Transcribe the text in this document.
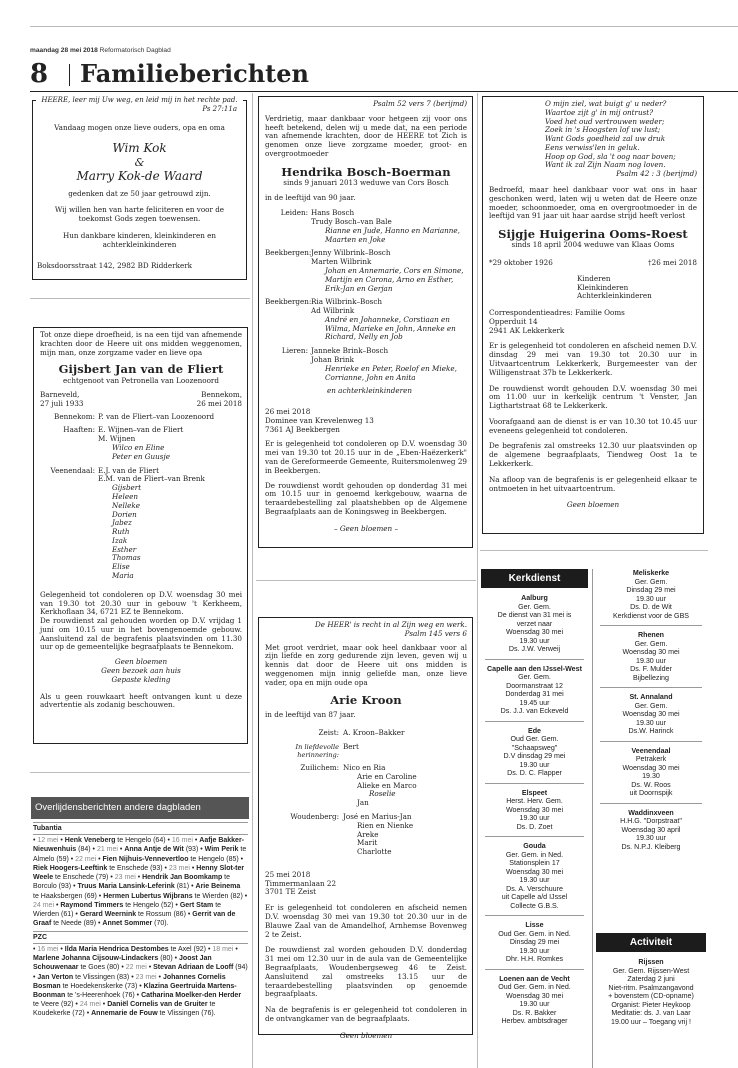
maandag 28 mei 2018 Reformatorisch Dagblad
8 Familieberichten
HEERE, leer mij Uw weg, en leid mij in het rechte pad.
Ps 27:11a
Vandaag mogen onze lieve ouders, opa en oma
Wim Kok
&
Marry Kok-de Waard
gedenken dat ze 50 jaar getrouwd zijn.
Wij willen hen van harte feliciteren en voor de toekomst Gods zegen toewensen.
Hun dankbare kinderen, kleinkinderen en achterkleinkinderen
Boksdoorsstraat 142, 2982 BD Ridderkerk
Tot onze diepe droefheid, is na een tijd van afnemende krachten door de Heere uit ons midden weggenomen, mijn man, onze zorgzame vader en lieve opa
Gijsbert Jan van de Fliert
echtgenoot van Petronella van Loozenoord
Barneveld,
27 juli 1933
Bennekom,
26 mei 2018
Bennekom: P. van de Fliert–van Loozenoord
Haaften: E. Wijnen–van de Fliert
M. Wijnen
Wilco en Eline
Peter en Guusje
Veenendaal: E.J. van de Fliert
E.M. van de Fliert–van Brenk
Gijsbert
Heleen
Nelleke
Dorien
Jabez
Ruth
Izak
Esther
Thomas
Elise
Maria
Gelegenheid tot condoleren op D.V. woensdag 30 mei van 19.30 tot 20.30 uur in gebouw 't Kerkheem, Kerkhoflaan 34, 6721 EZ te Bennekom.
De rouwdienst zal gehouden worden op D.V. vrijdag 1 juni om 10.15 uur in het bovengenoemde gebouw. Aansluitend zal de begrafenis plaatsvinden om 11.30 uur op de gemeentelijke begraafplaats te Bennekom.
Geen bloemen
Geen bezoek aan huis
Gepaste kleding
Als u geen rouwkaart heeft ontvangen kunt u deze advertentie als zodanig beschouwen.
Overlijdensberichten andere dagbladen
Tubantia
• 12 mei • Henk Veneberg te Hengelo (64) • 16 mei • Aafje Bakker-Nieuwenhuis (84) • 21 mei • Anna Antje de Wit (93) • Wim Perik te Almelo (59) • 22 mei • Fien Nijhuis-Vennevertloo te Hengelo (85) • Riek Hoogers-Leeftink te Enschede (93) • 23 mei • Henny Slot-ter Weele te Enschede (79) • 23 mei • Hendrik Jan Boomkamp te Borculo (93) • Truus Maria Lansink-Leferink (81) • Arie Beinema te Haaksbergen (69) • Hermen Lubertus Wijbrans te Wierden (82) • 24 mei • Raymond Timmers te Hengelo (52) • Gert Stam te Wierden (61) • Gerard Weernink te Rossum (86) • Gerrit van de Graaf te Neede (89) • Annet Sommer (70).
PZC
• 16 mei • Ilda Maria Hendrica Destombes te Axel (92) • 18 mei • Marlene Johanna Cijsouw-Lindackers (80) • Joost Jan Schouwenaar te Goes (80) • 22 mei • Stevan Adriaan de Looff (94) • Jan Verton te Vlissingen (83) • 23 mei • Johannes Cornelis Bosman te Hoedekenskerke (73) • Klazina Geertruida Martens-Boonman te 's-Heerenhoek (76) • Catharina Moelker-den Herder te Veere (92) • 24 mei • Daniël Cornelis van de Gruiter te Koudekerke (72) • Annemarie de Fouw te Vlissingen (76).
Psalm 52 vers 7 (berijmd)
Verdrietig, maar dankbaar voor hetgeen zij voor ons heeft betekend, delen wij u mede dat, na een periode van afnemende krachten, door de HEERE tot Zich is genomen onze lieve zorgzame moeder, groot- en overgrootmoeder
Hendrika Bosch-Boerman
sinds 9 januari 2013 weduwe van Cors Bosch
in de leeftijd van 90 jaar.
Leiden: Hans Bosch
Trudy Bosch–van Bale
Rianne en Jude, Hanno en Marianne,
Maarten en Joke
Beekbergen: Jenny Wilbrink–Bosch
Marten Wilbrink
Johan en Annemarie, Cors en Simone,
Martijn en Carona, Arno en Esther,
Erik-Jan en Gerjan
Beekbergen: Ria Wilbrink–Bosch
Ad Wilbrink
André en Johanneke, Corstiaan en
Wilma, Marieke en John, Anneke en
Richard, Nelly en Job
Lieren: Janneke Brink–Bosch
Johan Brink
Henrieke en Peter, Roelof en Mieke,
Corrianne, John en Anita
en achterkleinkinderen
26 mei 2018
Dominee van Krevelenweg 13
7361 AJ Beekbergen
Er is gelegenheid tot condoleren op D.V. woensdag 30 mei van 19.30 tot 20.15 uur in de „Eben-Haëzerkerk" van de Gereformeerde Gemeente, Ruitersmolenweg 29 in Beekbergen.
De rouwdienst wordt gehouden op donderdag 31 mei om 10.15 uur in genoemd kerkgebouw, waarna de teraardebestelling zal plaatshebben op de Algemene Begraafplaats aan de Koningsweg in Beekbergen.
– Geen bloemen –
De HEER' is recht in al Zijn weg en werk.
Psalm 145 vers 6
Met groot verdriet, maar ook heel dankbaar voor al zijn liefde en zorg gedurende zijn leven, geven wij u kennis dat door de Heere uit ons midden is weggenomen mijn innig geliefde man, onze lieve vader, opa en mijn oude opa
Arie Kroon
in de leeftijd van 87 jaar.
Zeist: A. Kroon–Bakker
In liefdevolle herinnering:
Bert
Zuilichem: Nico en Ria
Arie en Caroline
Alieke en Marco
Roselie
Jan
Woudenberg: José en Marius-Jan
Rien en Nienke
Areke
Marit
Charlotte
25 mei 2018
Timmermanlaan 22
3701 TE Zeist
Er is gelegenheid tot condoleren en afscheid nemen D.V. woensdag 30 mei van 19.30 tot 20.30 uur in de Blauwe Zaal van de Amandelhof, Arnhemse Bovenweg 2 te Zeist.
De rouwdienst zal worden gehouden D.V. donderdag 31 mei om 12.30 uur in de aula van de Gemeentelijke Begraafplaats, Woudenbergseweg 46 te Zeist. Aansluitend zal omstreeks 13.15 uur de teraardebestelling plaatsvinden op genoemde begraafplaats.
Na de begrafenis is er gelegenheid tot condoleren in de ontvangkamer van de begraafplaats.
Geen bloemen
O mijn ziel, wat buigt g' u neder?
Waartoe zijt g' in mij ontrust?
Voed het oud vertrouwen weder;
Zoek in 's Hoogsten lof uw lust;
Want Gods goedheid zal uw druk
Eens verwiss'len in geluk.
Hoop op God, sla 't oog naar boven;
Want ik zal Zijn Naam nog loven.
Psalm 42 : 3 (berijmd)
Bedroefd, maar heel dankbaar voor wat ons in haar geschonken werd, laten wij u weten dat de Heere onze moeder, schoonmoeder, oma en overgrootmoeder in de leeftijd van 91 jaar uit haar aardse strijd heeft verlost
Sijgje Huigerina Ooms-Roest
sinds 18 april 2004 weduwe van Klaas Ooms
*29 oktober 1926	†26 mei 2018
Kinderen
Kleinkinderen
Achterkleinkinderen
Correspondentieadres: Familie Ooms
Opperduit 14
2941 AK Lekkerkerk
Er is gelegenheid tot condoleren en afscheid nemen D.V. dinsdag 29 mei van 19.30 tot 20.30 uur in Uitvaartcentrum Lekkerkerk, Burgemeester van der Willigenstraat 37b te Lekkerkerk.
De rouwdienst wordt gehouden D.V. woensdag 30 mei om 11.00 uur in kerkelijk centrum 't Venster, Jan Ligthartstraat 68 te Lekkerkerk.
Voorafgaand aan de dienst is er van 10.30 tot 10.45 uur eveneens gelegenheid tot condoleren.
De begrafenis zal omstreeks 12.30 uur plaatsvinden op de algemene begraafplaats, Tiendweg Oost 1a te Lekkerkerk.
Na afloop van de begrafenis is er gelegenheid elkaar te ontmoeten in het uitvaartcentrum.
Geen bloemen
Kerkdienst
Aalburg
Ger. Gem.
De dienst van 31 mei is
verzet naar
Woensdag 30 mei
19.30 uur
Ds. J.W. Verweij
Capelle aan den IJssel-West
Ger. Gem.
Doormanstraat 12
Donderdag 31 mei
19.45 uur
Ds. J.J. van Eckeveld
Ede
Oud Ger. Gem.
"Schaapsweg"
D.V dinsdag 29 mei
19.30 uur
Ds. D. C. Flapper
Elspeet
Herst. Herv. Gem.
Woensdag 30 mei
19.30 uur
Ds. D. Zoet
Gouda
Ger. Gem. in Ned.
Stationsplein 17
Woensdag 30 mei
19.30 uur
Ds. A. Verschuure
uit Capelle a/d IJssel
Collecte G.B.S.
Lisse
Oud Ger. Gem. in Ned.
Dinsdag 29 mei
19.30 uur
Dhr. H.H. Romkes
Loenen aan de Vecht
Oud Ger. Gem. in Ned.
Woensdag 30 mei
19.30 uur
Ds. R. Bakker
Herbev. ambtsdrager
Meliskerke
Ger. Gem.
Dinsdag 29 mei
19.30 uur
Ds. D. de Wit
Kerkdienst voor de GBS
Rhenen
Ger. Gem.
Woensdag 30 mei
19.30 uur
Ds. F. Mulder
Bijbellezing
St. Annaland
Ger. Gem.
Woensdag 30 mei
19.30 uur
Ds.W. Harinck
Veenendaal
Petrakerk
Woensdag 30 mei
19.30
Ds. W. Roos
uit Doornspijk
Waddinxveen
H.H.G. "Dorpstraat"
Woensdag 30 april
19.30 uur
Ds. N.P.J. Kleiberg
Activiteit
Rijssen
Ger. Gem. Rijssen-West
Zaterdag 2 juni
Niet-ritm. Psalmzangavond
+ bovenstem (CD-opname)
Organist: Pieter Heykoop
Meditatie: ds. J. van Laar
19.00 uur – Toegang vrij !
